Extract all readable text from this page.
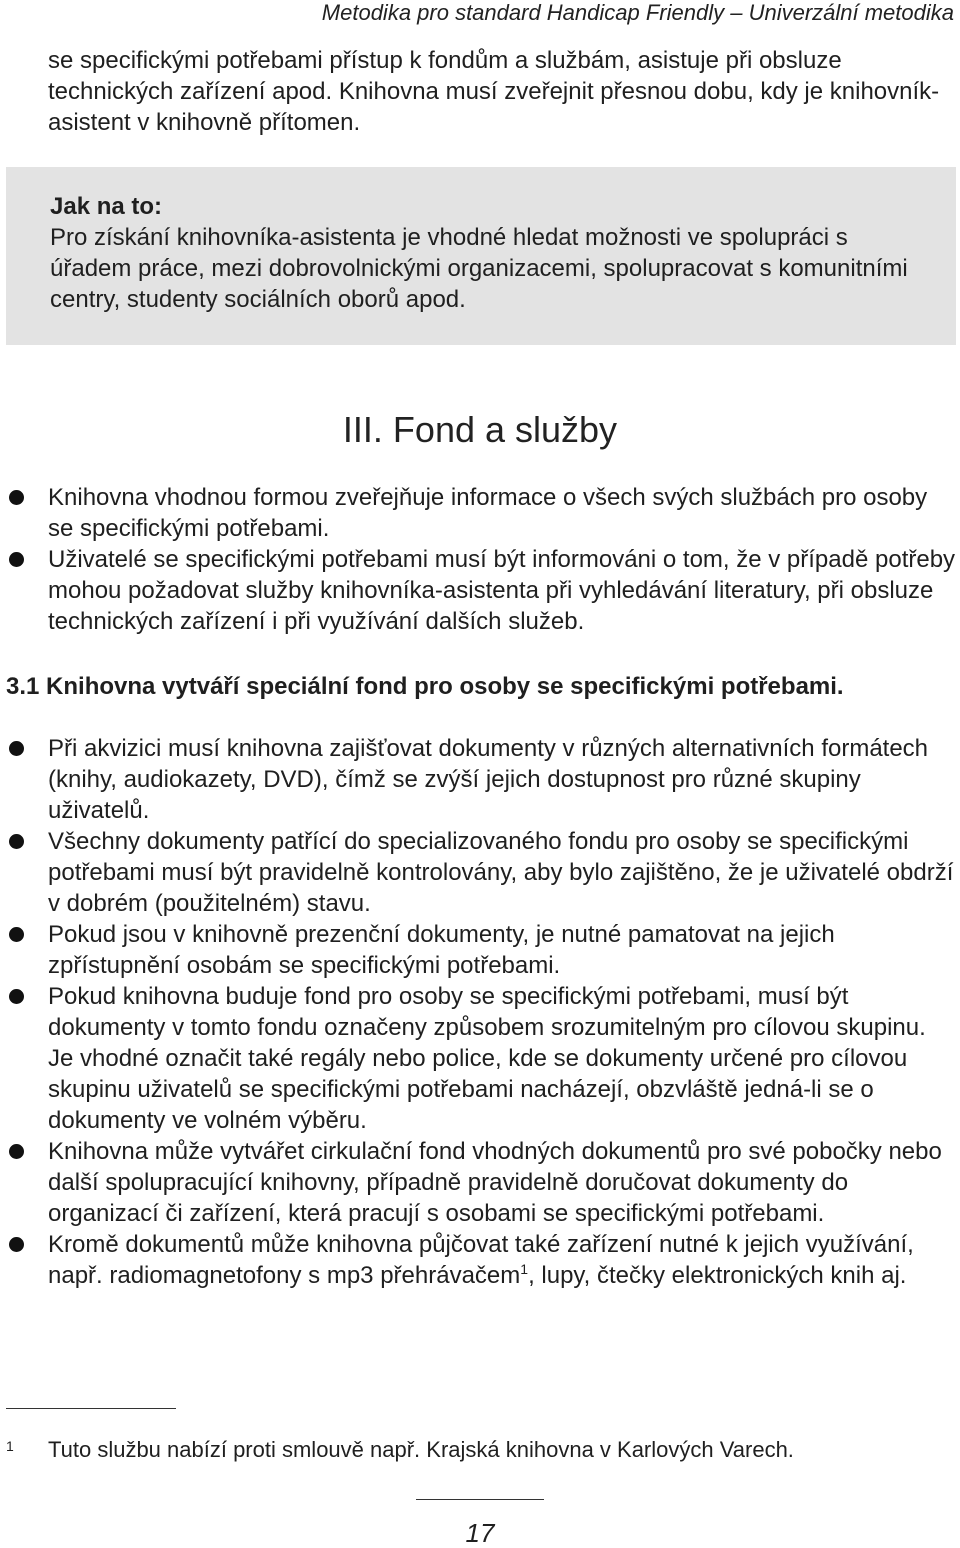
Metodika pro standard Handicap Friendly – Univerzální metodika

se specifickými potřebami přístup k fondům a službám, asistuje při obsluze technických zařízení apod. Knihovna musí zveřejnit přesnou dobu, kdy je knihovník-asistent v knihovně přítomen.

Jak na to:
Pro získání knihovníka-asistenta je vhodné hledat možnosti ve spolupráci s úřadem práce, mezi dobrovolnickými organizacemi, spolupracovat s komunitními centry, studenty sociálních oborů apod.
III. Fond a služby
Knihovna vhodnou formou zveřejňuje informace o všech svých službách pro osoby se specifickými potřebami.
Uživatelé se specifickými potřebami musí být informováni o tom, že v případě potřeby mohou požadovat služby knihovníka-asistenta při vyhledávání literatury, při obsluze technických zařízení i při využívání dalších služeb.
3.1 Knihovna vytváří speciální fond pro osoby se specifickými potřebami.
Při akvizici musí knihovna zajišťovat dokumenty v různých alternativních formátech (knihy, audiokazety, DVD), čímž se zvýší jejich dostupnost pro různé skupiny uživatelů.
Všechny dokumenty patřící do specializovaného fondu pro osoby se specifickými potřebami musí být pravidelně kontrolovány, aby bylo zajištěno, že je uživatelé obdrží v dobrém (použitelném) stavu.
Pokud jsou v knihovně prezenční dokumenty, je nutné pamatovat na jejich zpřístupnění osobám se specifickými potřebami.
Pokud knihovna buduje fond pro osoby se specifickými potřebami, musí být dokumenty v tomto fondu označeny způsobem srozumitelným pro cílovou skupinu. Je vhodné označit také regály nebo police, kde se dokumenty určené pro cílovou skupinu uživatelů se specifickými potřebami nacházejí, obzvláště jedná-li se o dokumenty ve volném výběru.
Knihovna může vytvářet cirkulační fond vhodných dokumentů pro své pobočky nebo další spolupracující knihovny, případně pravidelně doručovat dokumenty do organizací či zařízení, která pracují s osobami se specifickými potřebami.
Kromě dokumentů může knihovna půjčovat také zařízení nutné k jejich využívání, např. radiomagnetofony s mp3 přehrávačem$^1$, lupy, čtečky elektronických knih aj.
1 Tuto službu nabízí proti smlouvě např. Krajská knihovna v Karlových Varech.
17
